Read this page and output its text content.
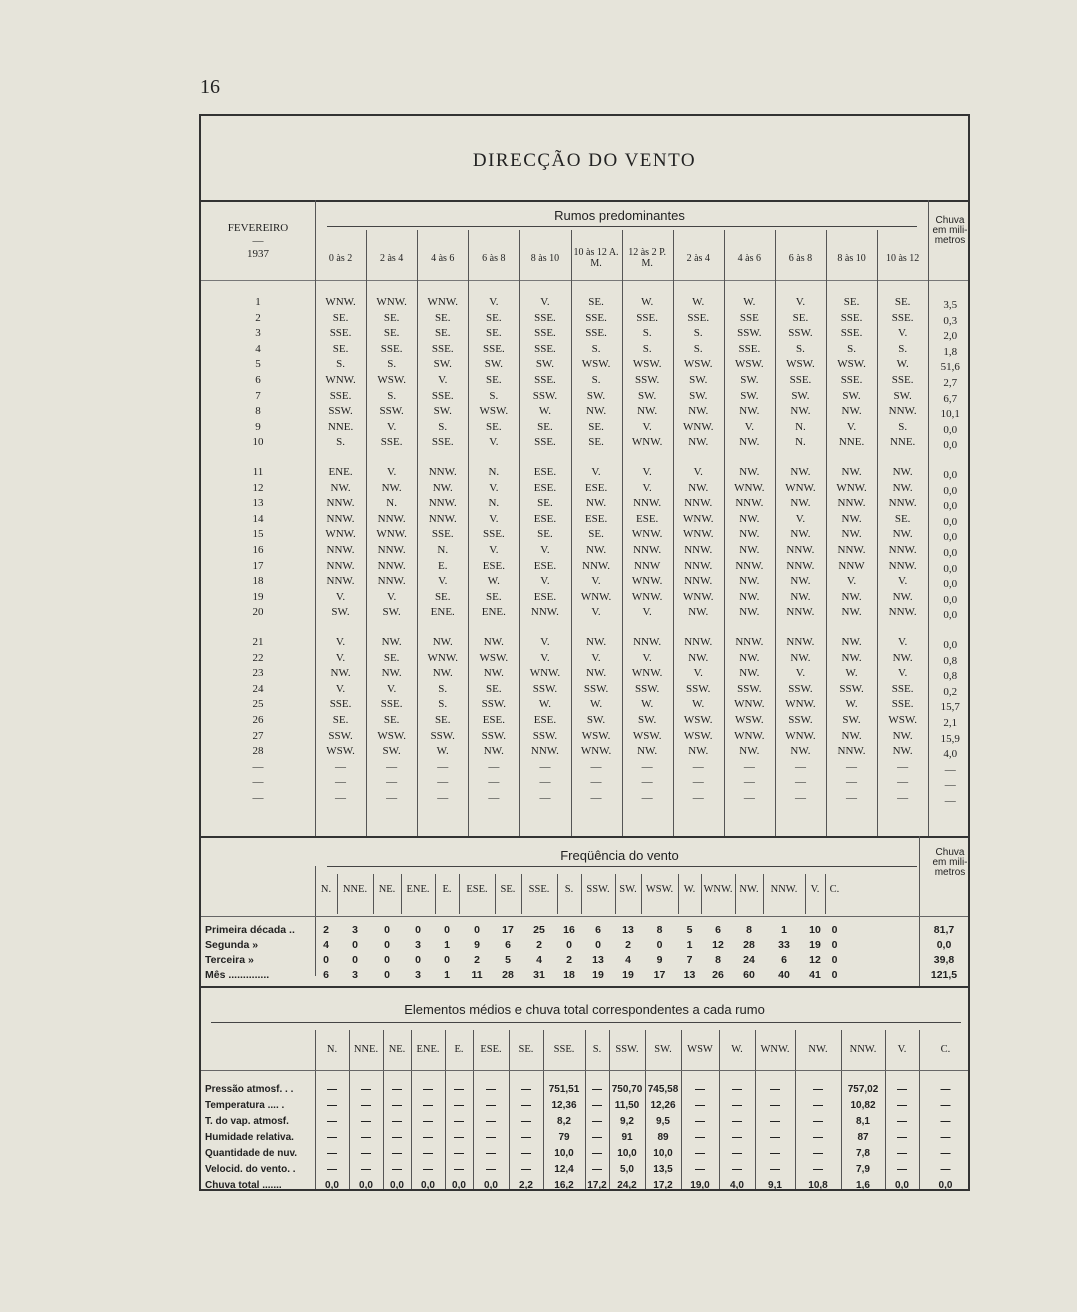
16
DIRECÇÃO DO VENTO
FEVEREIRO
—
1937
Rumos predominantes	Chuva em mili- metros
0 às 2	2 às 4	4 às 6	6 às 8	8 às 10	10 às 12 A. M.
12 às 2 P. M.	2 às 4	4 às 6	6 às 8	8 às 10	10 às 12
1	WNW.	WNW.	WNW.	V.	V.	SE.	W.	W.	W.	V.	SE.	SE.	3,5
2	SE.	SE.	SE.	SE.	SSE.	SSE.	SSE.	SSE.	SSE	SE.	SSE.	SSE.	0,3
3	SSE.	SE.	SE.	SE.	SSE.	SSE.	S.	S.	SSW.	SSW.	SSE.	V.	2,0
4	SE.	SSE.	SSE.	SSE.	SSE.	S.	S.	S.	SSE.	S.	S.	S.	1,8
5	S.	S.	SW.	SW.	SW.	WSW.	WSW.	WSW.	WSW.	WSW.	WSW.	W.	51,6
6	WNW.	WSW.	V.	SE.	SSE.	S.	SSW.	SW.	SW.	SSE.	SSE.	SSE.	2,7
7	SSE.	S.	SSE.	S.	SSW.	SW.	SW.	SW.	SW.	SW.	SW.	SW.	6,7
8	SSW.	SSW.	SW.	WSW.	W.	NW.	NW.	NW.	NW.	NW.	NW.	NNW.	10,1
9	NNE.	V.	S.	SE.	SE.	SE.	V.	WNW.	V.	N.	V.	S.	0,0
10	S.	SSE.	SSE.	V.	SSE.	SE.	WNW.	NW.	NW.	N.	NNE.	NNE.	0,0
11	ENE.	V.	NNW.	N.	ESE.	V.	V.	V.	NW.	NW.	NW.	NW.	0,0
12	NW.	NW.	NW.	V.	ESE.	ESE.	V.	NW.	WNW.	WNW.	WNW.	NW.	0,0
13	NNW.	N.	NNW.	N.	SE.	NW.	NNW.	NNW.	NNW.	NW.	NNW.	NNW.	0,0
14	NNW.	NNW.	NNW.	V.	ESE.	ESE.	ESE.	WNW.	NW.	V.	NW.	SE.	0,0
15	WNW.	WNW.	SSE.	SSE.	SE.	SE.	WNW.	WNW.	NW.	NW.	NW.	NW.	0,0
16	NNW.	NNW.	N.	V.	V.	NW.	NNW.	NNW.	NW.	NNW.	NNW.	NNW.	0,0
17	NNW.	NNW.	E.	ESE.	ESE.	NNW.	NNW	NNW.	NNW.	NNW.	NNW	NNW.	0,0
18	NNW.	NNW.	V.	W.	V.	V.	WNW.	NNW.	NW.	NW.	V.	V.	0,0
19	V.	V.	SE.	SE.	ESE.	WNW.	WNW.	WNW.	NW.	NW.	NW.	NW.	0,0
20	SW.	SW.	ENE.	ENE.	NNW.	V.	V.	NW.	NW.	NNW.	NW.	NNW.	0,0
21	V.	NW.	NW.	NW.	V.	NW.	NNW.	NNW.	NNW.	NNW.	NW.	V.	0,0
22	V.	SE.	WNW.	WSW.	V.	V.	V.	NW.	NW.	NW.	NW.	NW.	0,8
23	NW.	NW.	NW.	NW.	WNW.	NW.	WNW.	V.	NW.	V.	W.	V.	0,8
24	V.	V.	S.	SE.	SSW.	SSW.	SSW.	SSW.	SSW.	SSW.	SSW.	SSE.	0,2
25	SSE.	SSE.	S.	SSW.	W.	W.	W.	W.	WNW.	WNW.	W.	SSE.	15,7
26	SE.	SE.	SE.	ESE.	ESE.	SW.	SW.	WSW.	WSW.	SSW.	SW.	WSW.	2,1
27	SSW.	WSW.	SSW.	SSW.	SSW.	WSW.	WSW.	WSW.	WNW.	WNW.	NW.	NW.	15,9
28	WSW.	SW.	W.	NW.	NNW.	WNW.	NW.	NW.	NW.	NW.	NNW.	NW.	4,0
—	—	—	—	—	—	—	—	—	—	—	—	—	—
—	—	—	—	—	—	—	—	—	—	—	—	—	—
—	—	—	—	—	—	—	—	—	—	—	—	—	—
Freqüência do vento	Chuva em mili- metros
N.	NNE.	NE.	ENE.	E.	ESE.	SE.	SSE.	S.	SSW. SW. WSW.	W. WNW. NW.	NNW.	V. C.
Primeira década ..	2	3	0	0	0	0	17	25	16	6	13	8	5	6	8	1	10	0	81,7
Segunda »	4	0	0	3	1	9	6	2	0	0	2	0	1	12	28	33	19	0	0,0
Terceira »	0	0	0	0	0	2	5	4	2	13	4	9	7	8	24	6	12	0	39,8
Mês ..............	6	3	0	3	1	11	28	31	18	19	19	17	13	26	60	40	41	0	121,5
Elementos médios e chuva total correspondentes a cada rumo
N.	NNE.	NE.	ENE.	E.	ESE.	SE.	SSE.	S.	SSW.	SW.	WSW	W.	WNW.	NW.	NNW.	V.	C.
Pressão atmosf. . .	—	—	—	—	—	—	—	751,51	— 750,70 745,58	—	—	—	—	757,02	—	—
Temperatura .... .	—	—	—	—	—	—	—	12,36	—	11,50	12,26	—	—	—	—	10,82	—	—
T. do vap. atmosf.	—	—	—	—	—	—	—	8,2	—	9,2	9,5	—	—	—	—	8,1	—	—
Humidade relativa.	—	—	—	—	—	—	—	79	—	91	89	—	—	—	—	87	—	—
Quantidade de nuv.	—	—	—	—	—	—	—	10,0	—	10,0	10,0	—	—	—	—	7,8	—	—
Velocid. do vento. .	—	—	—	—	—	—	—	12,4	—	5,0	13,5	—	—	—	—	7,9	—	—
Chuva total .......	0,0	0,0	0,0	0,0	0,0	0,0	2,2	16,2	17,2	24,2	17,2	19,0	4,0	9,1	10,8	1,6	0,0	0,0
